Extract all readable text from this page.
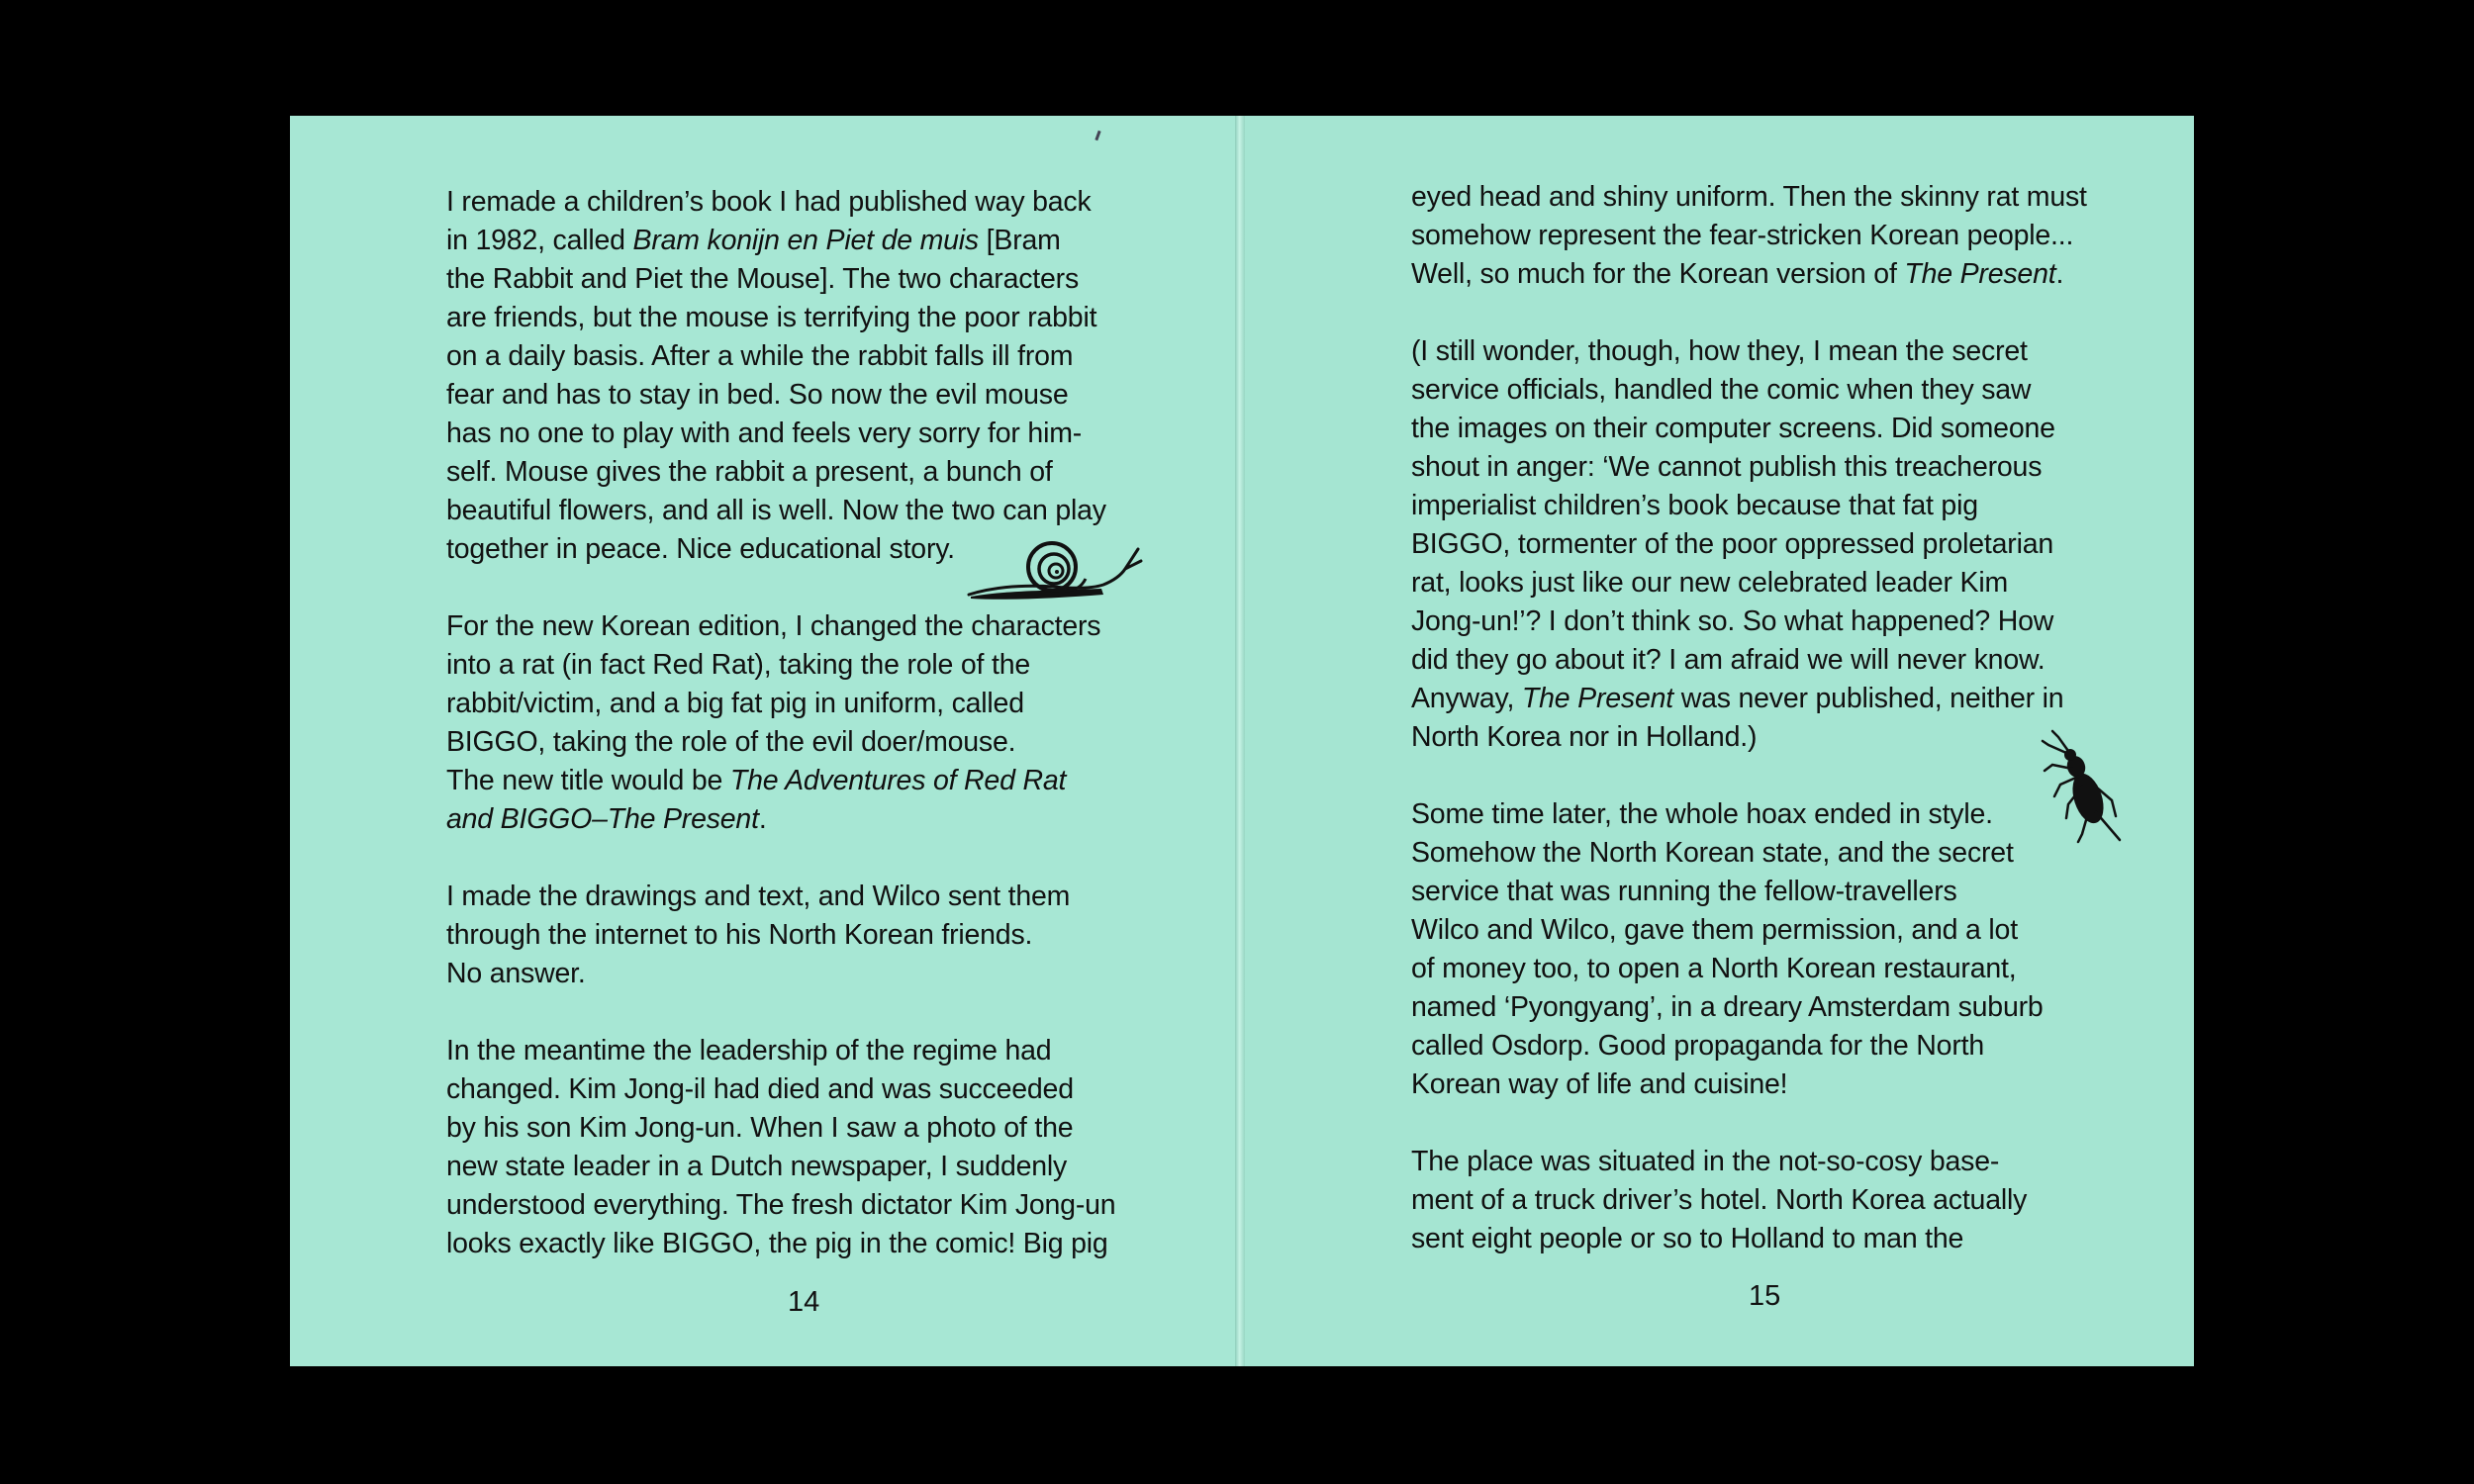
I remade a children’s book I had published way back
in 1982, called Bram konijn en Piet de muis [Bram
the Rabbit and Piet the Mouse]. The two characters
are friends, but the mouse is terrifying the poor rabbit
on a daily basis. After a while the rabbit falls ill from
fear and has to stay in bed. So now the evil mouse
has no one to play with and feels very sorry for him-
self. Mouse gives the rabbit a present, a bunch of
beautiful flowers, and all is well. Now the two can play
together in peace. Nice educational story.

For the new Korean edition, I changed the characters
into a rat (in fact Red Rat), taking the role of the
rabbit/victim, and a big fat pig in uniform, called
BIGGO, taking the role of the evil doer/mouse.
The new title would be The Adventures of Red Rat
and BIGGO–The Present.

I made the drawings and text, and Wilco sent them
through the internet to his North Korean friends.
No answer.

In the meantime the leadership of the regime had
changed. Kim Jong-il had died and was succeeded
by his son Kim Jong-un. When I saw a photo of the
new state leader in a Dutch newspaper, I suddenly
understood everything. The fresh dictator Kim Jong-un
looks exactly like BIGGO, the pig in the comic! Big pig

eyed head and shiny uniform. Then the skinny rat must
somehow represent the fear-stricken Korean people...
Well, so much for the Korean version of The Present.

(I still wonder, though, how they, I mean the secret
service officials, handled the comic when they saw
the images on their computer screens. Did someone
shout in anger: ‘We cannot publish this treacherous
imperialist children’s book because that fat pig
BIGGO, tormenter of the poor oppressed proletarian
rat, looks just like our new celebrated leader Kim
Jong-un!’? I don’t think so. So what happened? How
did they go about it? I am afraid we will never know.
Anyway, The Present was never published, neither in
North Korea nor in Holland.)

Some time later, the whole hoax ended in style.
Somehow the North Korean state, and the secret
service that was running the fellow-travellers
Wilco and Wilco, gave them permission, and a lot
of money too, to open a North Korean restaurant,
named ‘Pyongyang’, in a dreary Amsterdam suburb
called Osdorp. Good propaganda for the North
Korean way of life and cuisine!

The place was situated in the not-so-cosy base-
ment of a truck driver’s hotel. North Korea actually
sent eight people or so to Holland to man the

14	15
